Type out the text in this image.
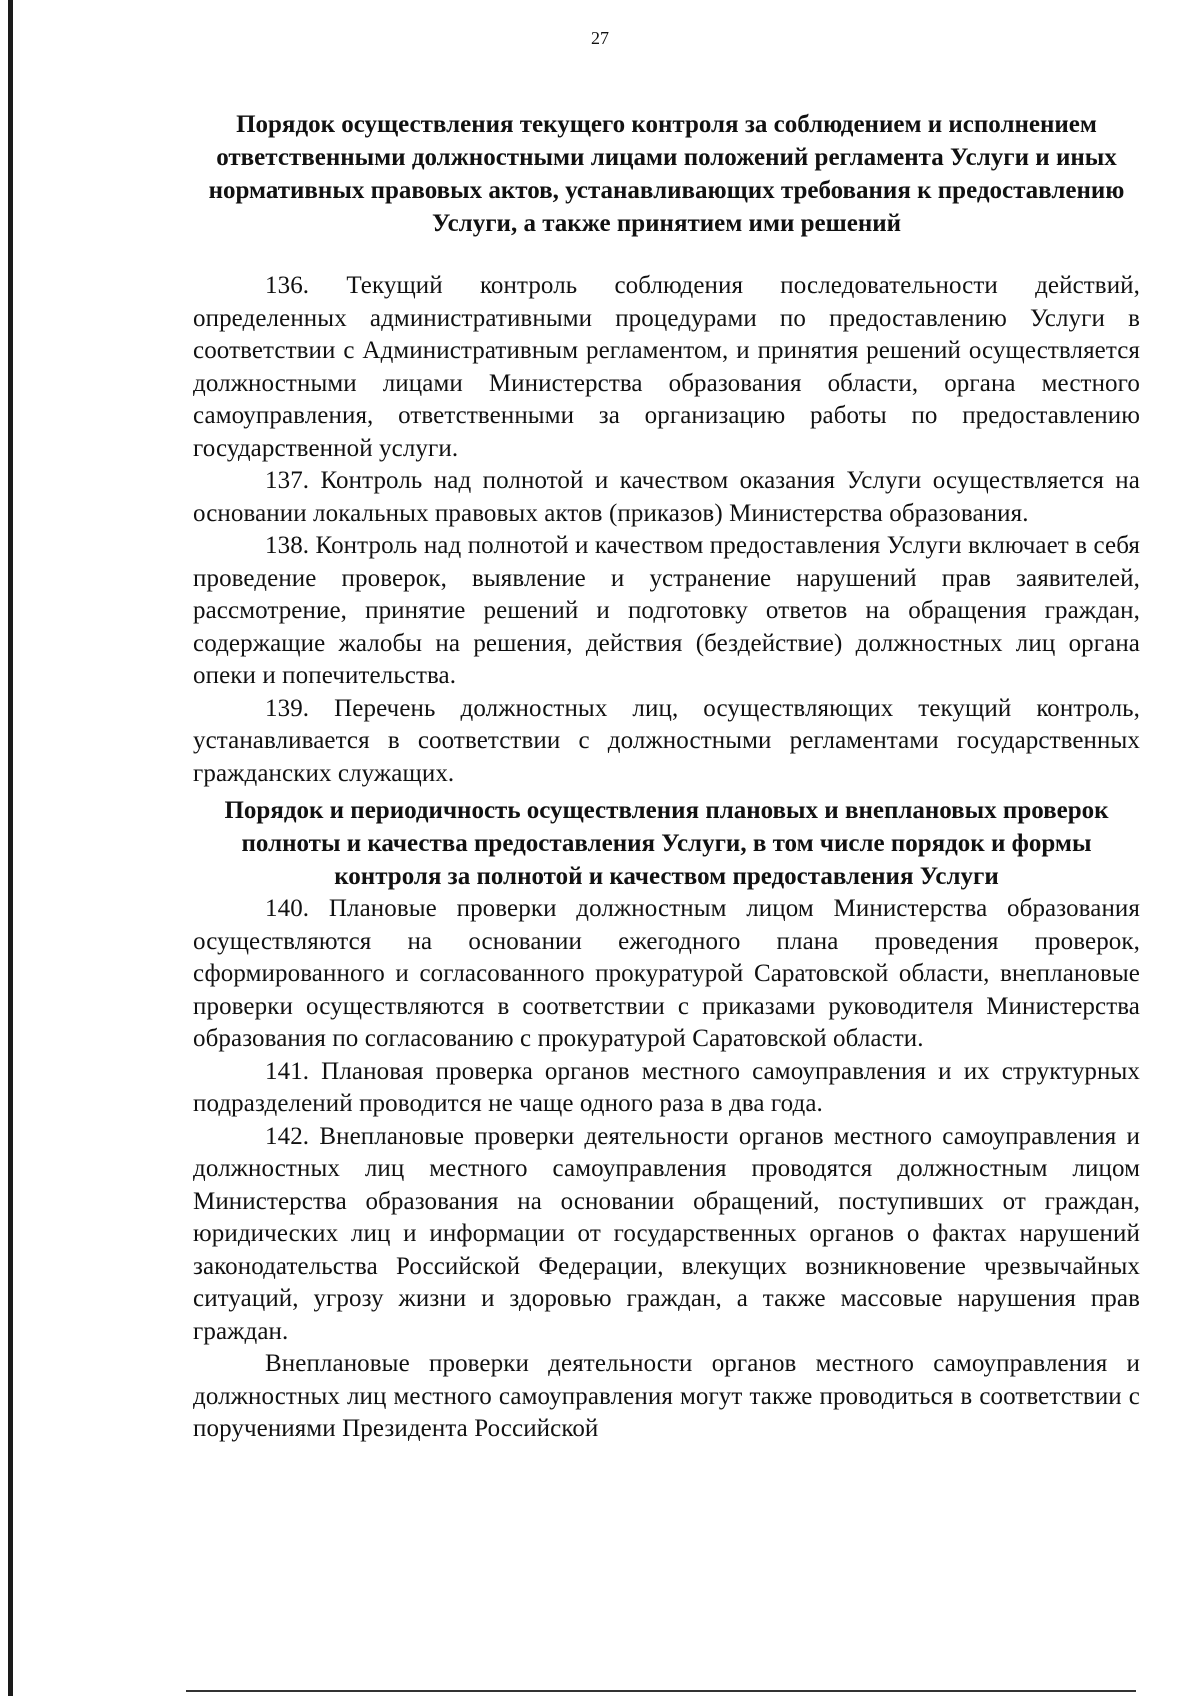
27
Порядок осуществления текущего контроля за соблюдением и исполнением ответственными должностными лицами положений регламента Услуги и иных нормативных правовых актов, устанавливающих требования к предоставлению Услуги, а также принятием ими решений

136. Текущий контроль соблюдения последовательности действий, определенных административными процедурами по предоставлению Услуги в соответствии с Административным регламентом, и принятия решений осуществляется должностными лицами Министерства образования области, органа местного самоуправления, ответственными за организацию работы по предоставлению государственной услуги.

137. Контроль над полнотой и качеством оказания Услуги осуществляется на основании локальных правовых актов (приказов) Министерства образования.

138. Контроль над полнотой и качеством предоставления Услуги включает в себя проведение проверок, выявление и устранение нарушений прав заявителей, рассмотрение, принятие решений и подготовку ответов на обращения граждан, содержащие жалобы на решения, действия (бездействие) должностных лиц органа опеки и попечительства.

139. Перечень должностных лиц, осуществляющих текущий контроль, устанавливается в соответствии с должностными регламентами государственных гражданских служащих.

Порядок и периодичность осуществления плановых и внеплановых проверок полноты и качества предоставления Услуги, в том числе порядок и формы контроля за полнотой и качеством предоставления Услуги

140. Плановые проверки должностным лицом Министерства образования осуществляются на основании ежегодного плана проведения проверок, сформированного и согласованного прокуратурой Саратовской области, внеплановые проверки осуществляются в соответствии с приказами руководителя Министерства образования по согласованию с прокуратурой Саратовской области.

141. Плановая проверка органов местного самоуправления и их структурных подразделений проводится не чаще одного раза в два года.

142. Внеплановые проверки деятельности органов местного самоуправления и должностных лиц местного самоуправления проводятся должностным лицом Министерства образования на основании обращений, поступивших от граждан, юридических лиц и информации от государственных органов о фактах нарушений законодательства Российской Федерации, влекущих возникновение чрезвычайных ситуаций, угрозу жизни и здоровью граждан, а также массовые нарушения прав граждан.

Внеплановые проверки деятельности органов местного самоуправления и должностных лиц местного самоуправления могут также проводиться в соответствии с поручениями Президента Российской
